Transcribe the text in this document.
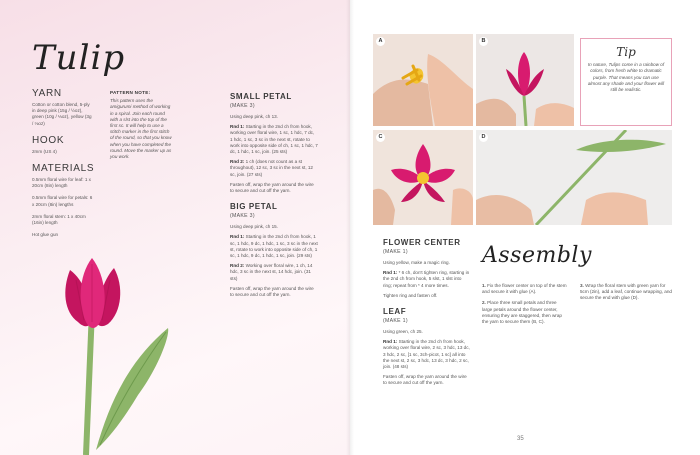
Tulip
YARN
Cotton or cotton blend, 5-ply in deep pink (15g / ½oz), green (10g / ⅓oz), yellow (3g / ⅛oz)
HOOK
2mm (US 4)
MATERIALS
0.5mm floral wire for leaf: 1 x 20cm (8in) length
0.5mm floral wire for petals: 6 x 20cm (8in) lengths
2mm floral stem: 1 x 40cm (16in) length
Hot glue gun
PATTERN NOTE:
This pattern uses the amigurumi method of working in a spiral. Join each round with a slst into the top of the first sc. It will help to use a stitch marker in the first stitch of the round, so that you know when you have completed the round. Move the marker up as you work.
SMALL PETAL
(MAKE 3)
Using deep pink, ch 13.
Rnd 1: Starting in the 2nd ch from hook, working over floral wire, 1 sc, 1 hdc, 7 dc, 1 hdc, 1 sc, 3 sc in the next st, rotate to work into opposite side of ch, 1 sc, 1 hdc, 7 dc, 1 hdc, 1 sc, join. (25 sts)
Rnd 2: 1 ch (does not count as a st throughout), 12 sc, 3 sc in the next st, 12 sc, join. (27 sts)
Fasten off, wrap the yarn around the wire to secure and cut off the yarn.
BIG PETAL
(MAKE 3)
Using deep pink, ch 15.
Rnd 1: Starting in the 2nd ch from hook, 1 sc, 1 hdc, 9 dc, 1 hdc, 1 sc, 3 sc in the next st, rotate to work into opposite side of ch, 1 sc, 1 hdc, 9 dc, 1 hdc, 1 sc, join. (29 sts)
Rnd 2: Working over floral wire, 1 ch, 14 hdc, 3 sc in the next st, 14 hdc, join. (31 sts)
Fasten off, wrap the yarn around the wire to secure and cut off the yarn.
A	B
Tip
In nature, Tulips come in a rainbow of colors, from fresh white to dramatic purple. That means you can use almost any shade and your flower will still be realistic.
C	D
FLOWER CENTER
(MAKE 1)
Using yellow, make a magic ring.
Rnd 1: * 6 ch, don't tighten ring, starting in the 2nd ch from hook, 5 slst, 1 slst into ring; repeat from * 4 more times.
Tighten ring and fasten off.
LEAF
(MAKE 1)
Using green, ch 25.
Rnd 1: Starting in the 2nd ch from hook, working over floral wire, 2 sc, 3 hdc, 13 dc, 3 hdc, 2 sc, [1 sc, 3ch-picot, 1 sc] all into the next st, 2 sc, 3 hdc, 13 dc, 3 hdc, 2 sc, join. (48 sts)
Fasten off, wrap the yarn around the wire to secure and cut off the yarn.
Assembly
1. Fix the flower center on top of the stem and secure it with glue (A).
2. Place three small petals and three large petals around the flower center, ensuring they are staggered, then wrap the yarn to secure them (B, C).
3. Wrap the floral stem with green yarn for 5cm (2in), add a leaf, continue wrapping, and secure the end with glue (D).
35
